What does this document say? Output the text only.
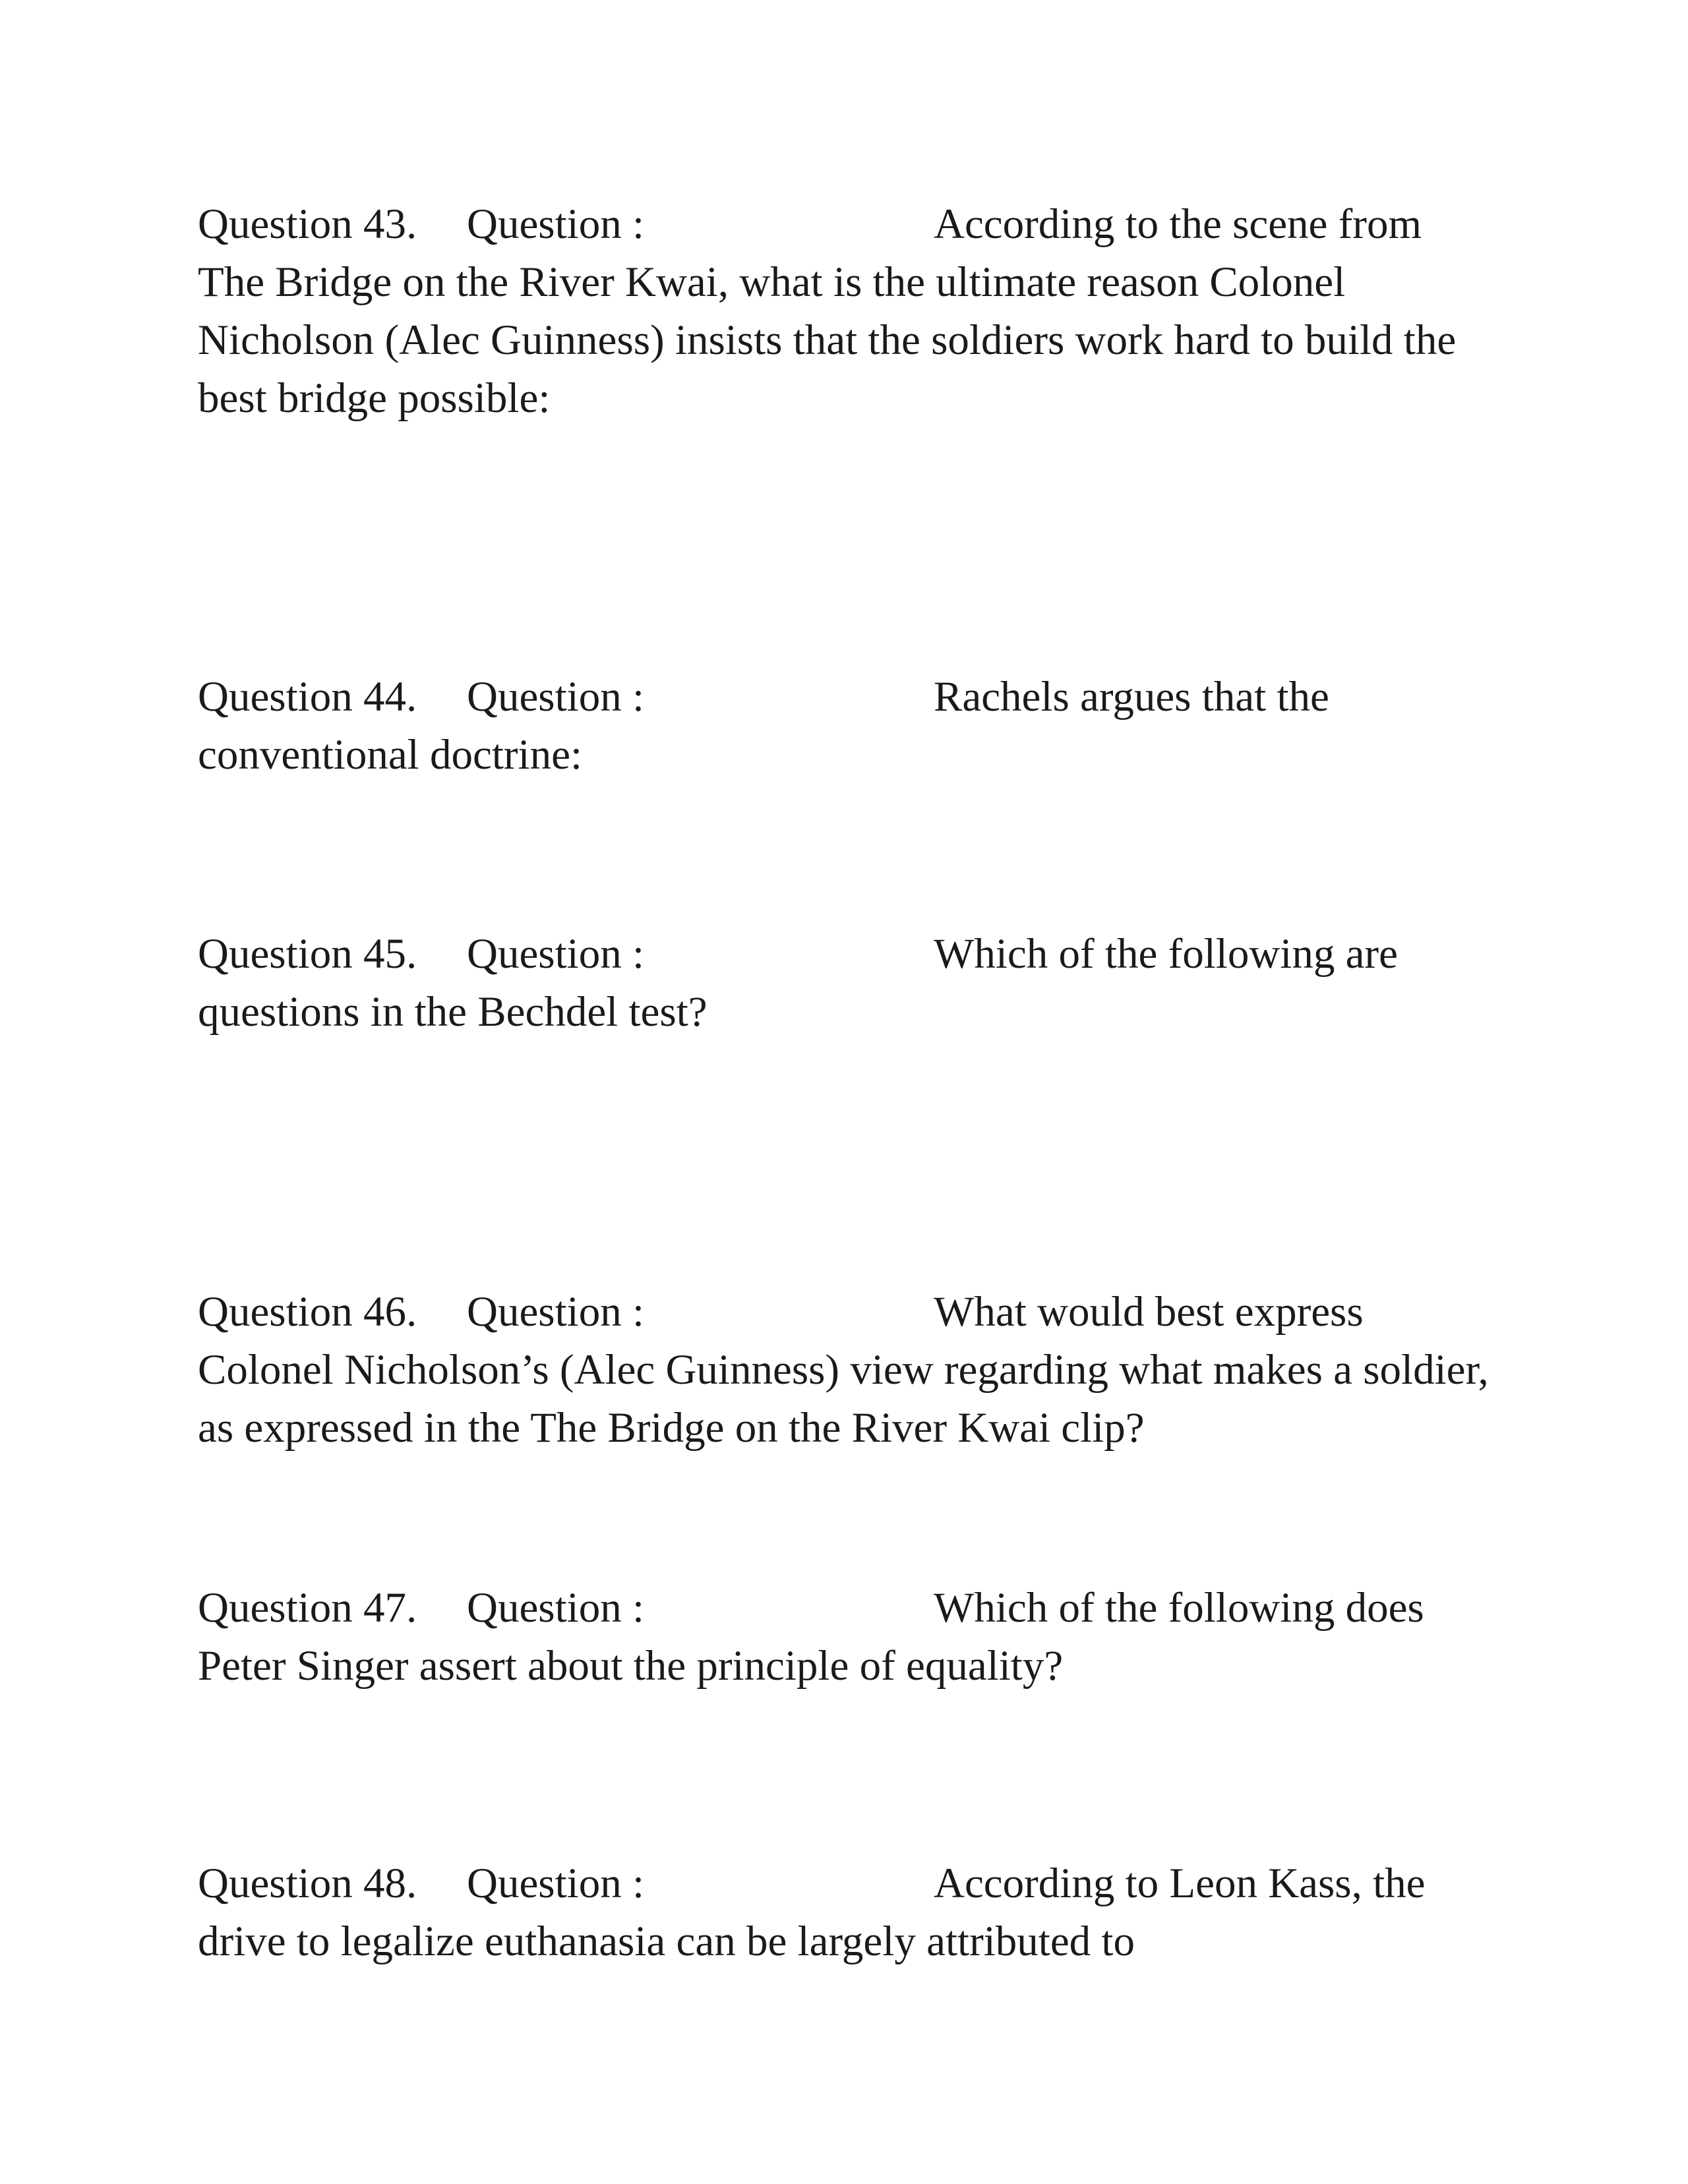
Question 43. Question :	According to the scene from The Bridge on the River Kwai, what is the ultimate reason Colonel Nicholson (Alec Guinness) insists that the soldiers work hard to build the best bridge possible:

Question 44. Question :	Rachels argues that the conventional doctrine:

Question 45. Question :	Which of the following are questions in the Bechdel test?

Question 46. Question :	What would best express Colonel Nicholson’s (Alec Guinness) view regarding what makes a soldier, as expressed in the The Bridge on the River Kwai clip?

Question 47. Question :	Which of the following does Peter Singer assert about the principle of equality?

Question 48. Question :	According to Leon Kass, the drive to legalize euthanasia can be largely attributed to
